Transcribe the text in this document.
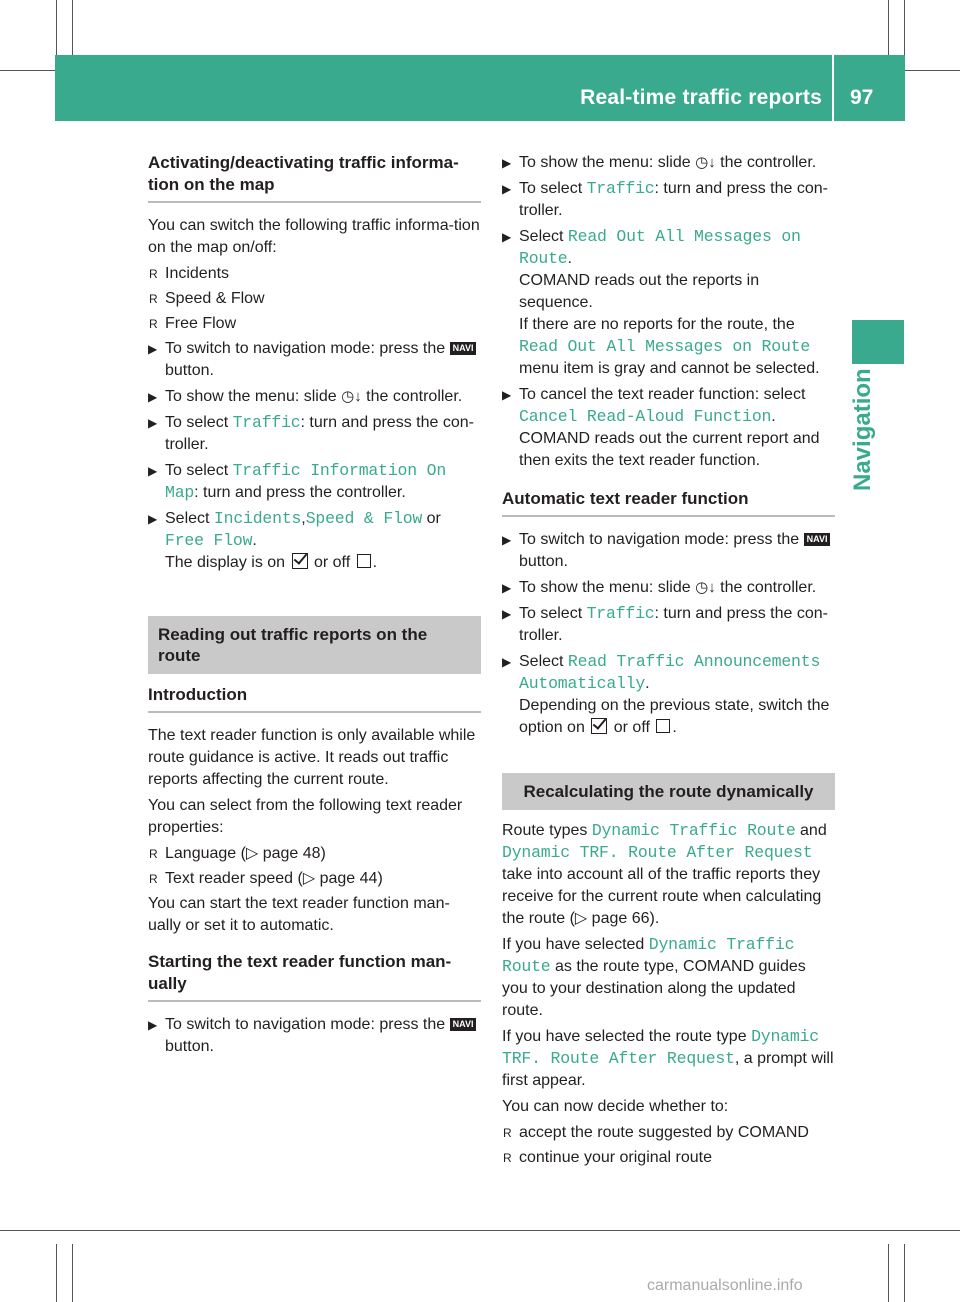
Real-time traffic reports 97
Navigation
Activating/deactivating traffic informa-tion on the map

You can switch the following traffic informa-tion on the map on/off:

R Incidents
R Speed & Flow
R Free Flow
▶ To switch to navigation mode: press the NAVI button.
▶ To show the menu: slide ◷↓ the controller.
▶ To select Traffic: turn and press the con-troller.
▶ To select Traffic Information On Map: turn and press the controller.
▶ Select Incidents,Speed & Flow or Free Flow.
The display is on or off .
Reading out traffic reports on the route
Introduction

The text reader function is only available while route guidance is active. It reads out traffic reports affecting the current route.

You can select from the following text reader properties:

R Language (▷ page 48)
R Text reader speed (▷ page 44)

You can start the text reader function man-ually or set it to automatic.

Starting the text reader function man-ually
▶ To switch to navigation mode: press the NAVI button.
▶ To show the menu: slide ◷↓ the controller.
▶ To select Traffic: turn and press the con-troller.
▶ Select Read Out All Messages on Route.
COMAND reads out the reports in sequence.
If there are no reports for the route, the Read Out All Messages on Route menu item is gray and cannot be selected.
▶ To cancel the text reader function: select Cancel Read-Aloud Function.
COMAND reads out the current report and then exits the text reader function.
Automatic text reader function
▶ To switch to navigation mode: press the NAVI button.
▶ To show the menu: slide ◷↓ the controller.
▶ To select Traffic: turn and press the con-troller.
▶ Select Read Traffic Announcements Automatically.
Depending on the previous state, switch the option on or off .
Recalculating the route dynamically

Route types Dynamic Traffic Route and Dynamic TRF. Route After Request take into account all of the traffic reports they receive for the current route when calculating the route (▷ page 66).

If you have selected Dynamic Traffic Route as the route type, COMAND guides you to your destination along the updated route.

If you have selected the route type Dynamic TRF. Route After Request, a prompt will first appear.

You can now decide whether to:

R accept the route suggested by COMAND
R continue your original route
carmanualsonline.info
